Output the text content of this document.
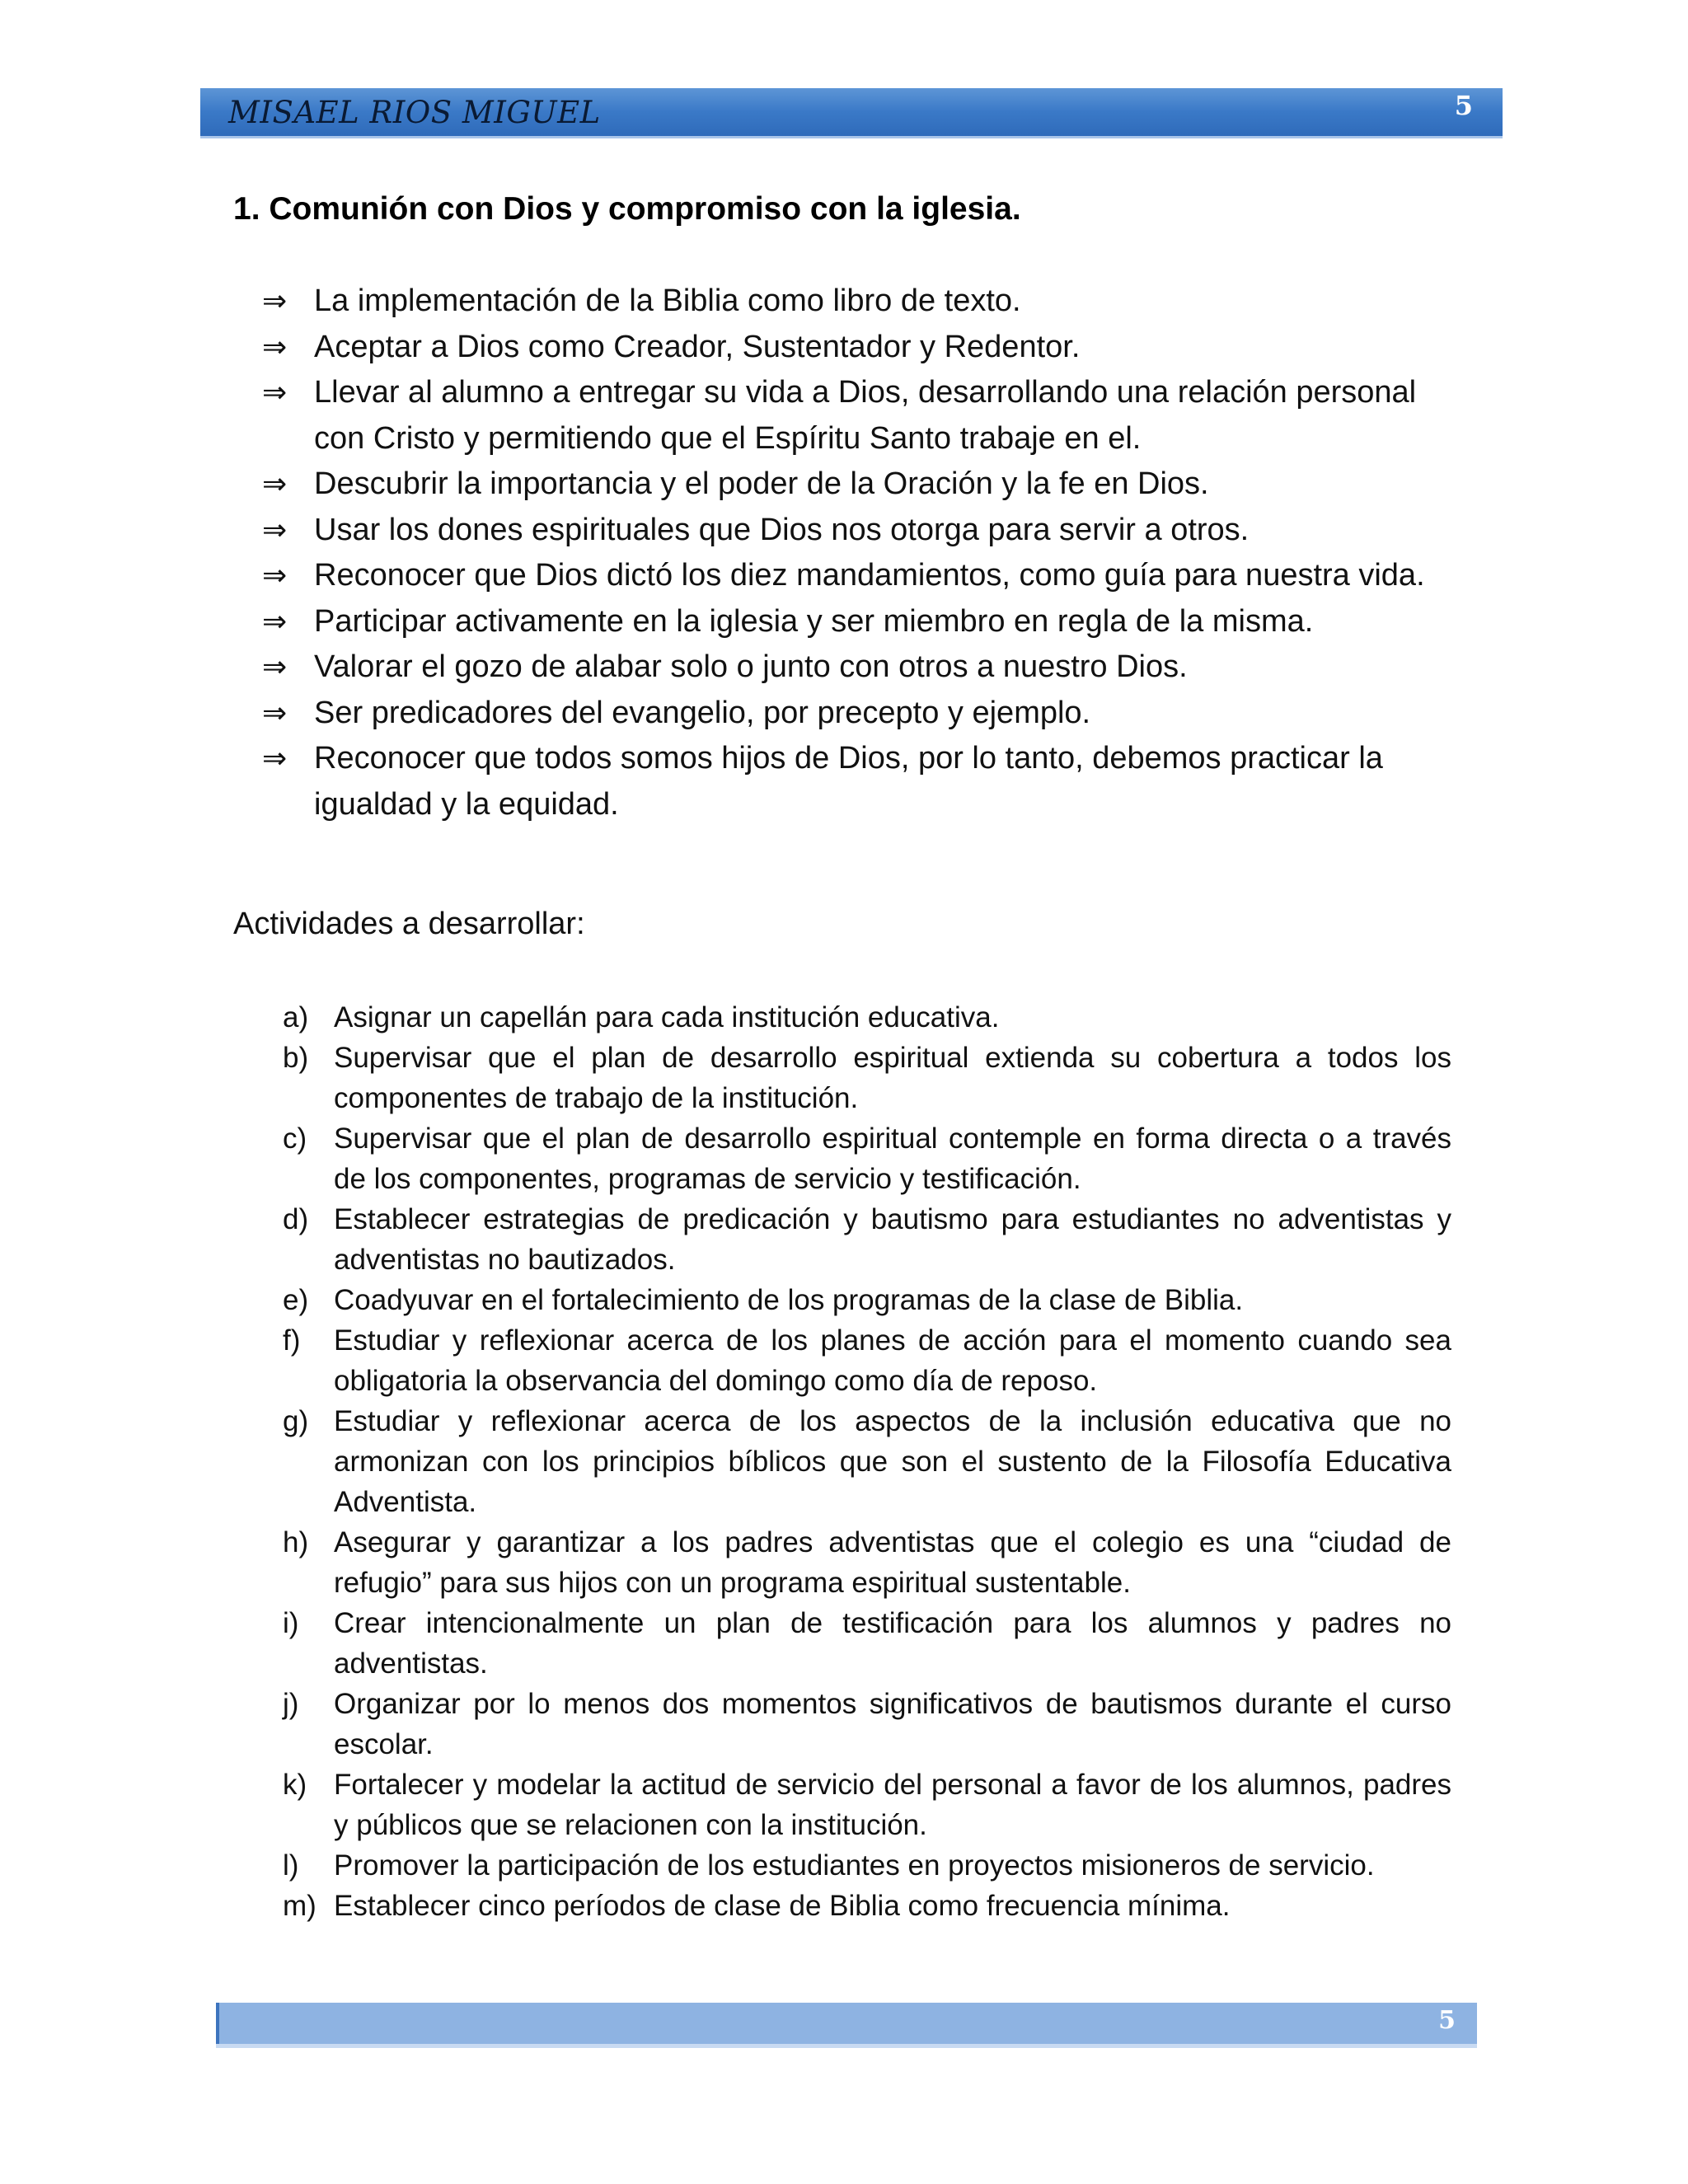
MISAEL RIOS MIGUEL	5
1. Comunión con Dios y compromiso con la iglesia.
⇒ La implementación de la Biblia como libro de texto.
⇒ Aceptar a Dios como Creador, Sustentador y Redentor.
⇒ Llevar al alumno a entregar su vida a Dios, desarrollando una relación personal con Cristo y permitiendo que el Espíritu Santo trabaje en el.
⇒ Descubrir la importancia y el poder de la Oración y la fe en Dios.
⇒ Usar los dones espirituales que Dios nos otorga para servir a otros.
⇒ Reconocer que Dios dictó los diez mandamientos, como guía para nuestra vida.
⇒ Participar activamente en la iglesia y ser miembro en regla de la misma.
⇒ Valorar el gozo de alabar solo o junto con otros a nuestro Dios.
⇒ Ser predicadores del evangelio, por precepto y ejemplo.
⇒ Reconocer que todos somos hijos de Dios, por lo tanto, debemos practicar la igualdad y la equidad.
Actividades a desarrollar:
a) Asignar un capellán para cada institución educativa.
b) Supervisar que el plan de desarrollo espiritual extienda su cobertura a todos los componentes de trabajo de la institución.
c) Supervisar que el plan de desarrollo espiritual contemple en forma directa o a través de los componentes, programas de servicio y testificación.
d) Establecer estrategias de predicación y bautismo para estudiantes no adventistas y adventistas no bautizados.
e) Coadyuvar en el fortalecimiento de los programas de la clase de Biblia.
f) Estudiar y reflexionar acerca de los planes de acción para el momento cuando sea obligatoria la observancia del domingo como día de reposo.
g) Estudiar y reflexionar acerca de los aspectos de la inclusión educativa que no armonizan con los principios bíblicos que son el sustento de la Filosofía Educativa Adventista.
h) Asegurar y garantizar a los padres adventistas que el colegio es una “ciudad de refugio” para sus hijos con un programa espiritual sustentable.
i) Crear intencionalmente un plan de testificación para los alumnos y padres no adventistas.
j) Organizar por lo menos dos momentos significativos de bautismos durante el curso escolar.
k) Fortalecer y modelar la actitud de servicio del personal a favor de los alumnos, padres y públicos que se relacionen con la institución.
l) Promover la participación de los estudiantes en proyectos misioneros de servicio.
m) Establecer cinco períodos de clase de Biblia como frecuencia mínima.
5
